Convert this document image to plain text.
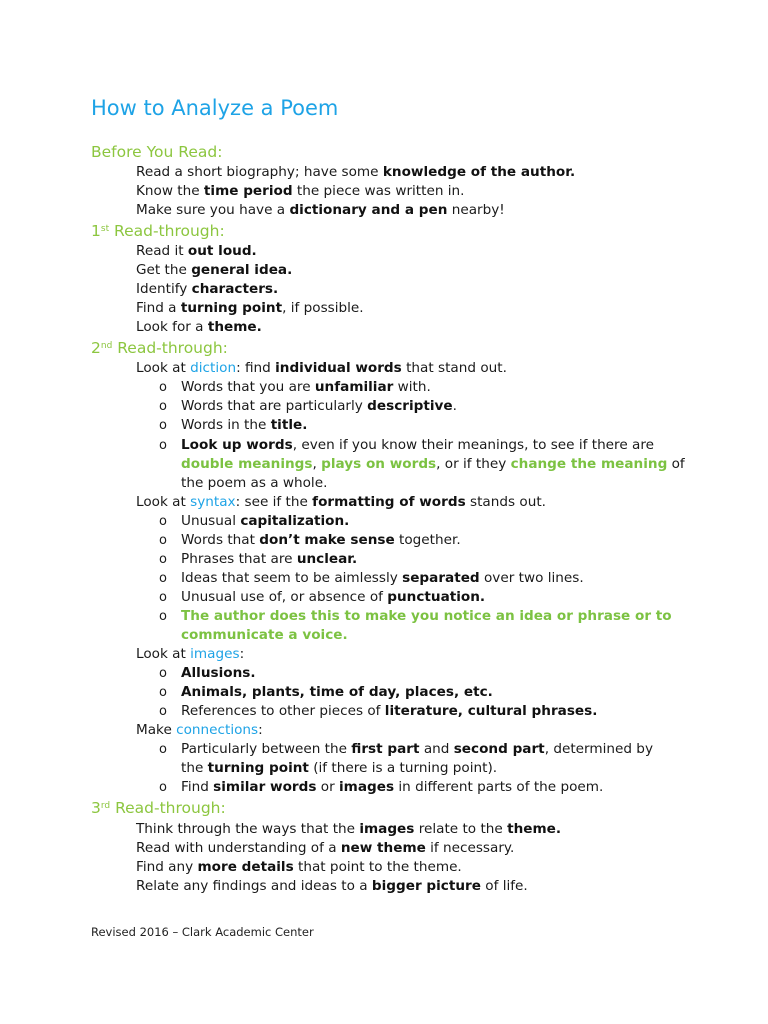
How to Analyze a Poem
Before You Read:
Read a short biography; have some knowledge of the author.
Know the time period the piece was written in.
Make sure you have a dictionary and a pen nearby!
1st Read-through:
Read it out loud.
Get the general idea.
Identify characters.
Find a turning point, if possible.
Look for a theme.
2nd Read-through:
Look at diction: find individual words that stand out.
o Words that you are unfamiliar with.
o Words that are particularly descriptive.
o Words in the title.
o Look up words, even if you know their meanings, to see if there are
double meanings, plays on words, or if they change the meaning of
the poem as a whole.
Look at syntax: see if the formatting of words stands out.
o Unusual capitalization.
o Words that don’t make sense together.
o Phrases that are unclear.
o Ideas that seem to be aimlessly separated over two lines.
o Unusual use of, or absence of punctuation.
o The author does this to make you notice an idea or phrase or to
communicate a voice.
Look at images:
o Allusions.
o Animals, plants, time of day, places, etc.
o References to other pieces of literature, cultural phrases.
Make connections:
o Particularly between the first part and second part, determined by
the turning point (if there is a turning point).
o Find similar words or images in different parts of the poem.
3rd Read-through:
Think through the ways that the images relate to the theme.
Read with understanding of a new theme if necessary.
Find any more details that point to the theme.
Relate any findings and ideas to a bigger picture of life.
Revised 2016 – Clark Academic Center
